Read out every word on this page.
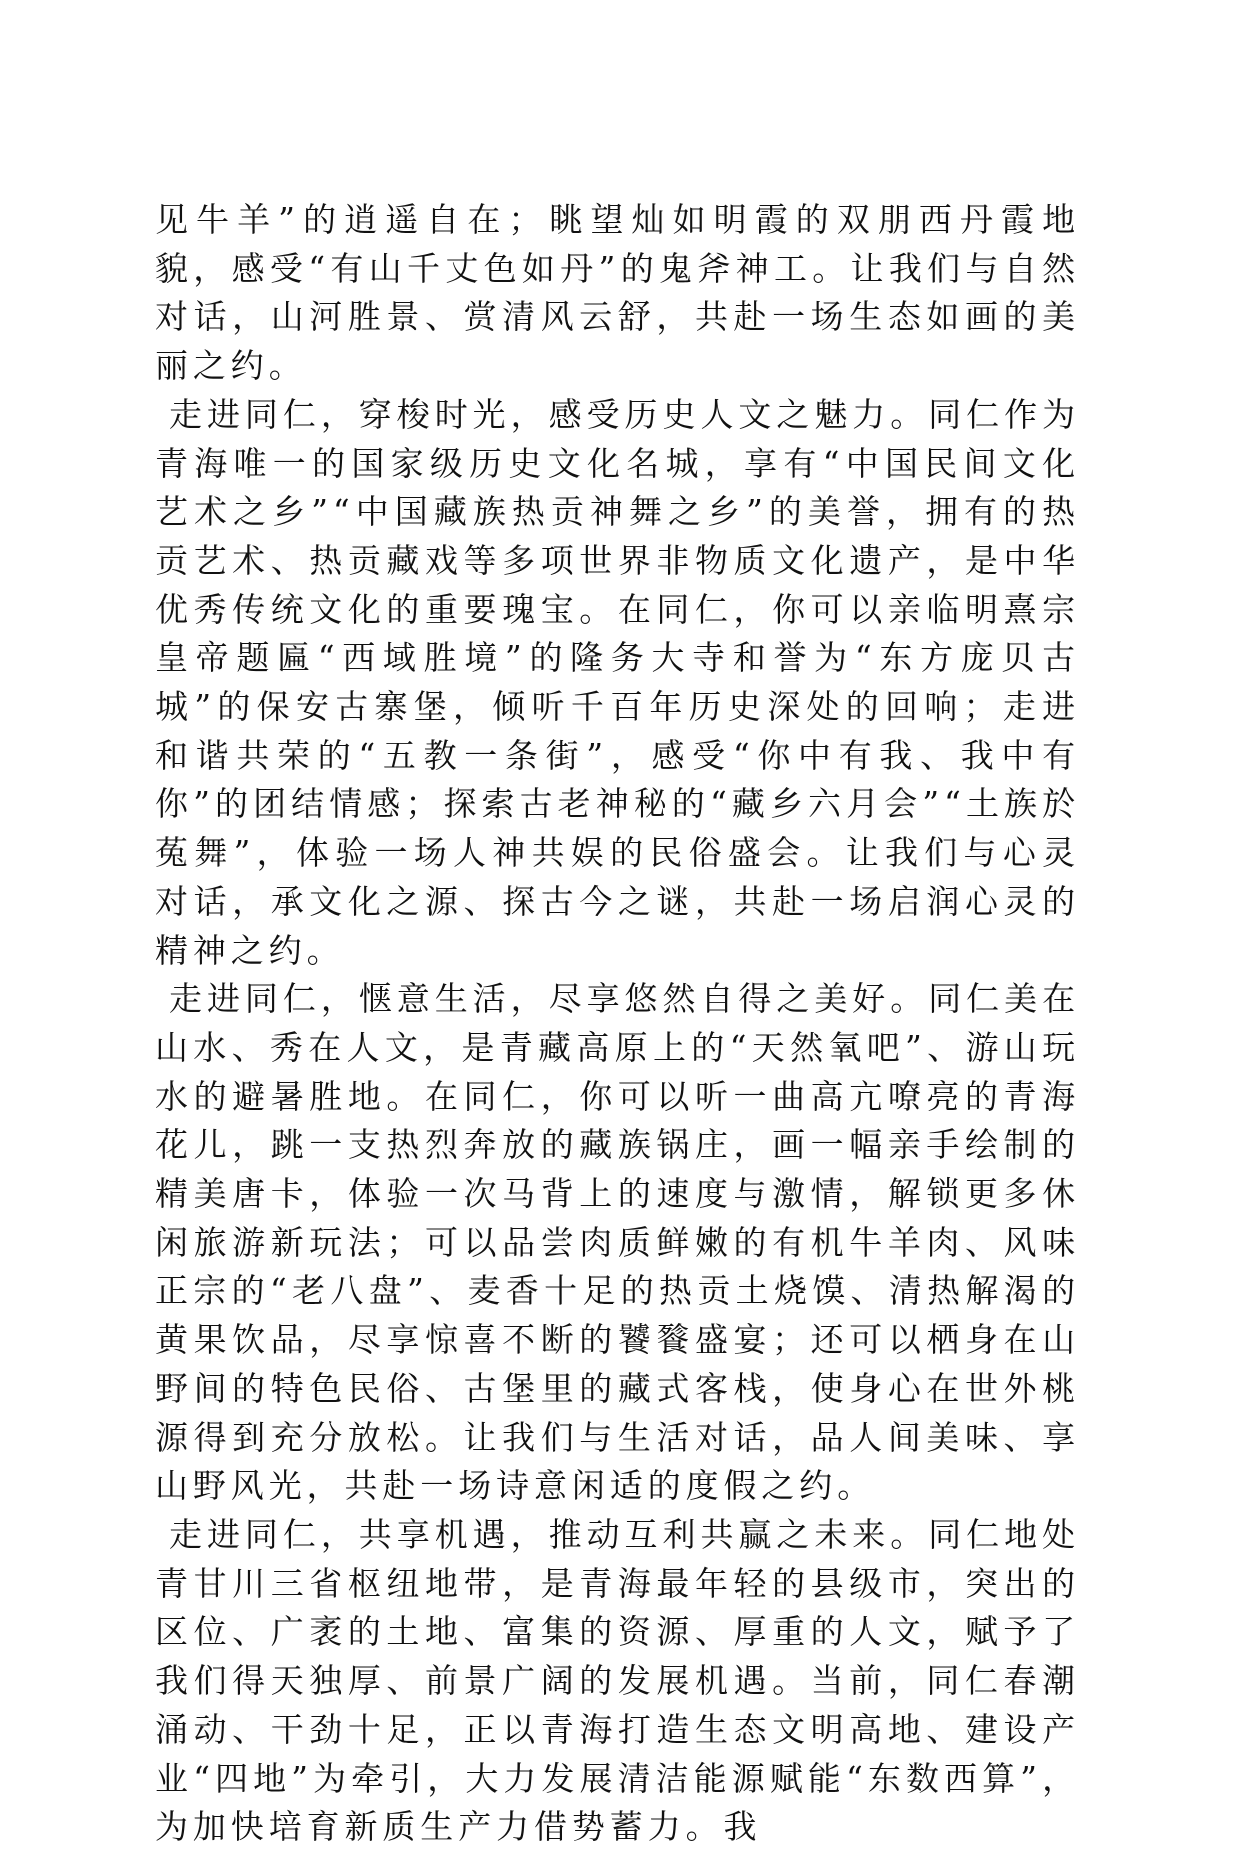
见牛羊”的逍遥自在；眺望灿如明霞的双朋西丹霞地貌，感受“有山千丈色如丹”的鬼斧神工。让我们与自然对话，山河胜景、赏清风云舒，共赴一场生态如画的美丽之约。

走进同仁，穿梭时光，感受历史人文之魅力。同仁作为青海唯一的国家级历史文化名城，享有“中国民间文化艺术之乡”“中国藏族热贡神舞之乡”的美誉，拥有的热贡艺术、热贡藏戏等多项世界非物质文化遗产，是中华优秀传统文化的重要瑰宝。在同仁，你可以亲临明熹宗皇帝题匾“西域胜境”的隆务大寺和誉为“东方庞贝古城”的保安古寨堡，倾听千百年历史深处的回响；走进和谐共荣的“五教一条街”，感受“你中有我、我中有你”的团结情感；探索古老神秘的“藏乡六月会”“土族於菟舞”，体验一场人神共娱的民俗盛会。让我们与心灵对话，承文化之源、探古今之谜，共赴一场启润心灵的精神之约。

走进同仁，惬意生活，尽享悠然自得之美好。同仁美在山水、秀在人文，是青藏高原上的“天然氧吧”、游山玩水的避暑胜地。在同仁，你可以听一曲高亢嘹亮的青海花儿，跳一支热烈奔放的藏族锅庄，画一幅亲手绘制的精美唐卡，体验一次马背上的速度与激情，解锁更多休闲旅游新玩法；可以品尝肉质鲜嫩的有机牛羊肉、风味正宗的“老八盘”、麦香十足的热贡土烧馍、清热解渴的黄果饮品，尽享惊喜不断的饕餮盛宴；还可以栖身在山野间的特色民俗、古堡里的藏式客栈，使身心在世外桃源得到充分放松。让我们与生活对话，品人间美味、享山野风光，共赴一场诗意闲适的度假之约。

走进同仁，共享机遇，推动互利共赢之未来。同仁地处青甘川三省枢纽地带，是青海最年轻的县级市，突出的区位、广袤的土地、富集的资源、厚重的人文，赋予了我们得天独厚、前景广阔的发展机遇。当前，同仁春潮涌动、干劲十足，正以青海打造生态文明高地、建设产业“四地”为牵引，大力发展清洁能源赋能“东数西算”，为加快培育新质生产力借势蓄力。我
